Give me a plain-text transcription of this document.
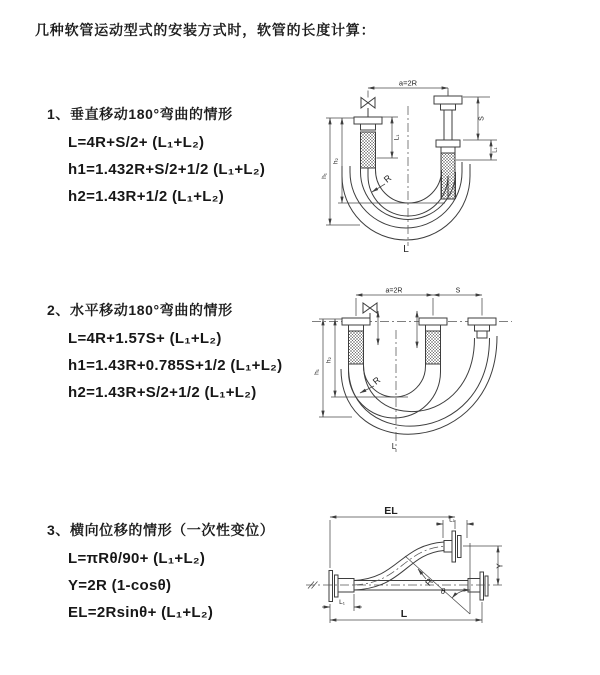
几种软管运动型式的安装方式时，软管的长度计算：
1、垂直移动180°弯曲的情形
L=4R+S/2+ (L₁+L₂)
h1=1.432R+S/2+1/2 (L₁+L₂)
h2=1.43R+1/2 (L₁+L₂)
a=2R
L₁
S
L₁
h₁
h₂
R
L
2、水平移动180°弯曲的情形
L=4R+1.57S+ (L₁+L₂)
h1=1.43R+0.785S+1/2 (L₁+L₂)
h2=1.43R+S/2+1/2 (L₁+L₂)
a=2R	S
h₁
h₂
R
L
3、横向位移的情形（一次性变位）
L=πRθ/90+ (L₁+L₂)
Y=2R (1-cosθ)
EL=2Rsinθ+ (L₁+L₂)
EL
L₁
Y
θ
R
L₁
L
